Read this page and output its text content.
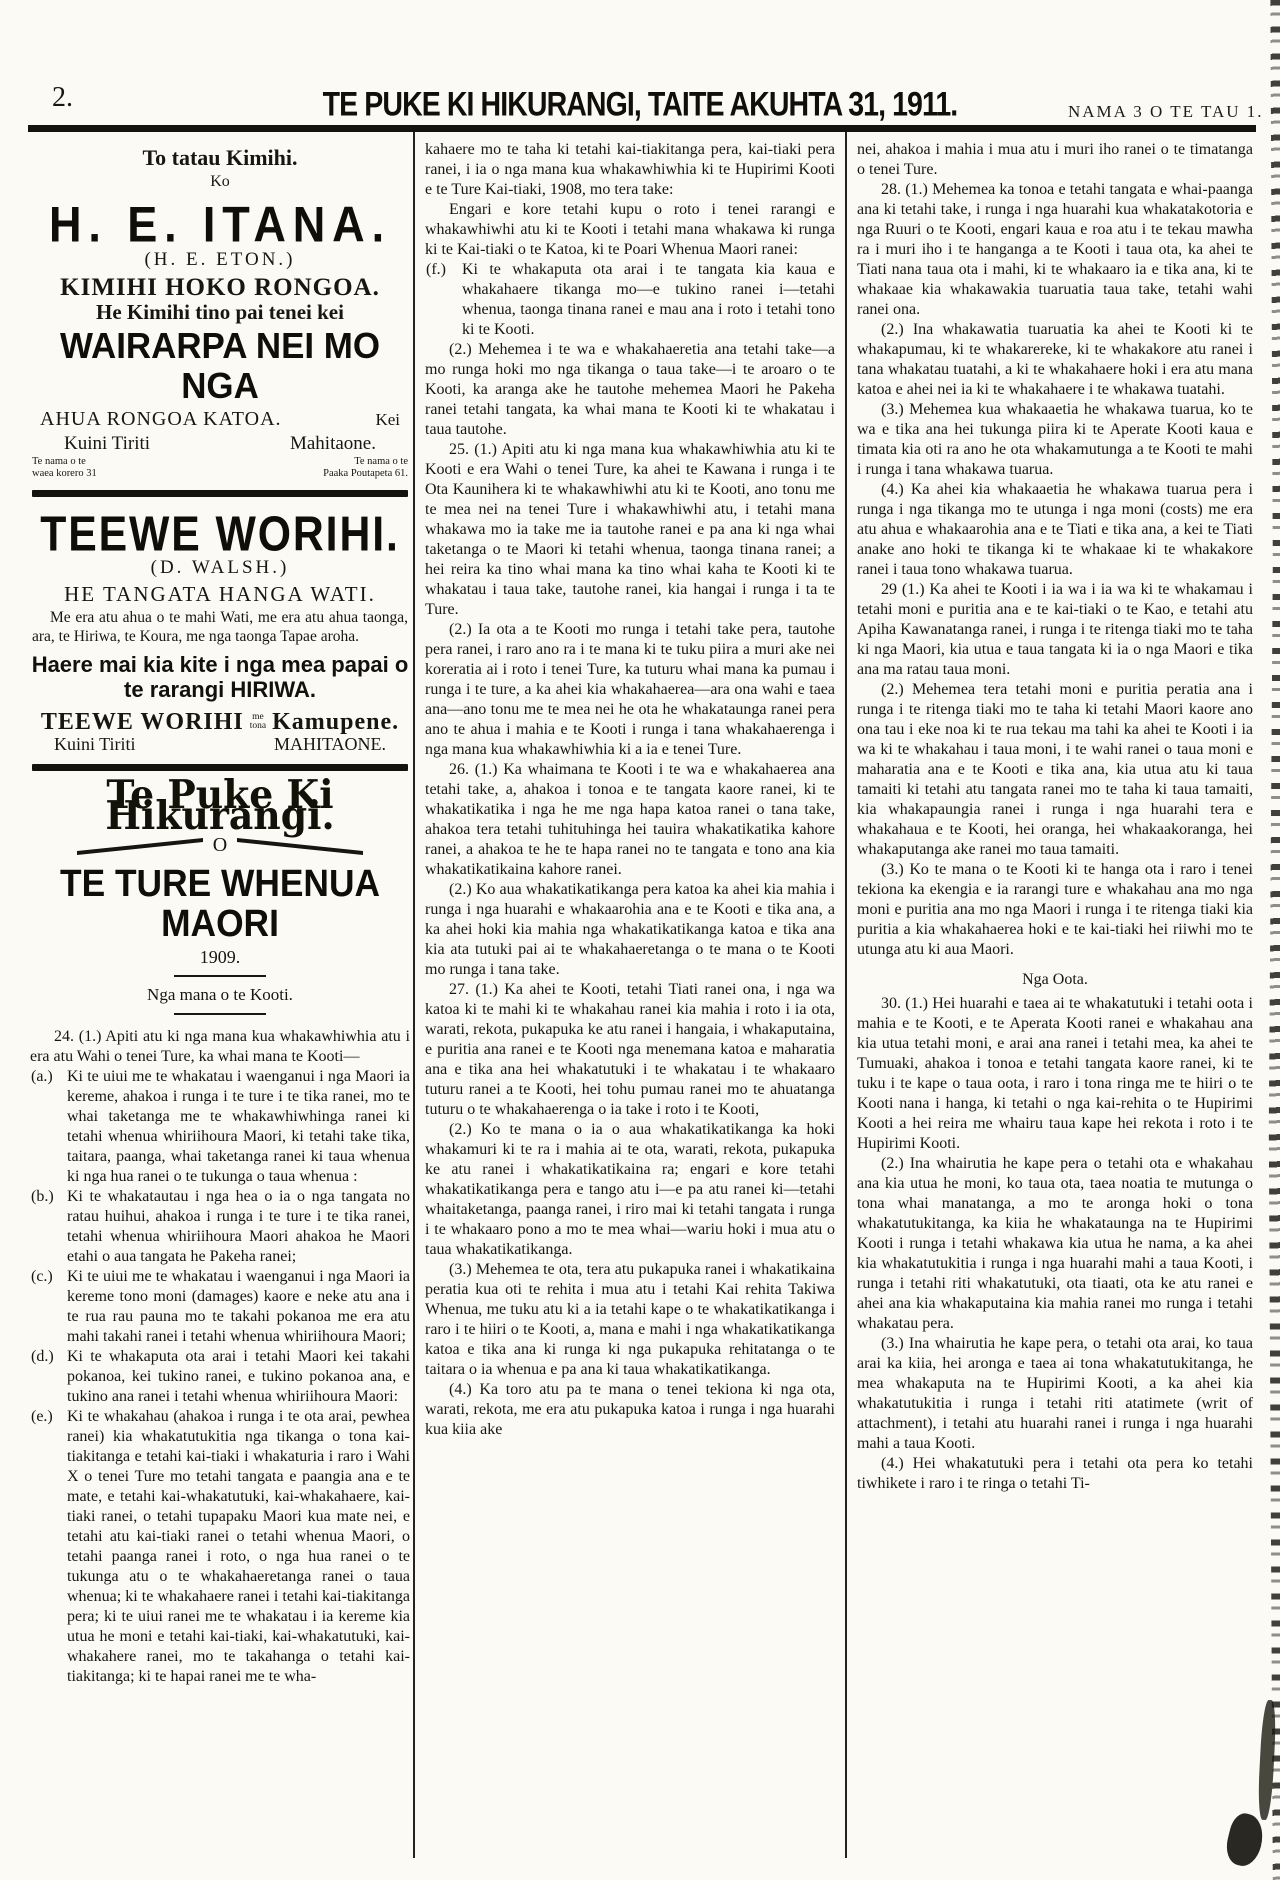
2.	TE PUKE KI HIKURANGI, TAITE AKUHTA 31, 1911.	NAMA 3 O TE TAU 1.
To tatau Kimihi.
Ko
H. E. ITANA.
(H. E. ETON.)
KIMIHI HOKO RONGOA.
He Kimihi tino pai tenei kei
WAIRARPA NEI MO NGA
AHUA RONGOA KATOA.	Kei
Kuini Tiriti	Mahitaone.
Te nama o te
waea korero 31
Te nama o te
Paaka Poutapeta 61.
TEEWE WORIHI.
(D. WALSH.)
HE TANGATA HANGA WATI.
Me era atu ahua o te mahi Wati, me era atu ahua taonga, ara, te Hiriwa, te Koura, me nga taonga Tapae aroha.
Haere mai kia kite i nga mea papai o te rarangi HIRIWA.
TEEWE WORIHI me
tona Kamupene.
Kuini Tiriti	MAHITAONE.
Te Puke Ki Hikurangi.
O
TE TURE WHENUA MAORI
1909.
Nga mana o te Kooti.

24. (1.) Apiti atu ki nga mana kua whakawhiwhia atu i era atu Wahi o tenei Ture, ka whai mana te Kooti—

(a.) Ki te uiui me te whakatau i waenganui i nga Maori ia kereme, ahakoa i runga i te ture i te tika ranei, mo te whai taketanga me te whakawhiwhinga ranei ki tetahi whenua whiriihoura Maori, ki tetahi take tika, taitara, paanga, whai taketanga ranei ki taua whenua ki nga hua ranei o te tukunga o taua whenua :
(b.) Ki te whakatautau i nga hea o ia o nga tangata no ratau huihui, ahakoa i runga i te ture i te tika ranei, tetahi whenua whiriihoura Maori ahakoa he Maori etahi o aua tangata he Pakeha ranei;
(c.) Ki te uiui me te whakatau i waenganui i nga Maori ia kereme tono moni (damages) kaore e neke atu ana i te rua rau pauna mo te takahi pokanoa me era atu mahi takahi ranei i tetahi whenua whiriihoura Maori;
(d.) Ki te whakaputa ota arai i tetahi Maori kei takahi pokanoa, kei tukino ranei, e tukino pokanoa ana, e tukino ana ranei i tetahi whenua whiriihoura Maori:
(e.) Ki te whakahau (ahakoa i runga i te ota arai, pewhea ranei) kia whakatutukitia nga tikanga o tona kai-tiakitanga e tetahi kai-tiaki i whakaturia i raro i Wahi X o tenei Ture mo tetahi tangata e paangia ana e te mate, e tetahi kai-whakatutuki, kai-whakahaere, kai-tiaki ranei, o tetahi tupapaku Maori kua mate nei, e tetahi atu kai-tiaki ranei o tetahi whenua Maori, o tetahi paanga ranei i roto, o nga hua ranei o te tukunga atu o te whakahaeretanga ranei o taua whenua; ki te whakahaere ranei i tetahi kai-tiakitanga pera; ki te uiui ranei me te whakatau i ia kereme kia utua he moni e tetahi kai-tiaki, kai-whakatutuki, kai-whakahere ranei, mo te takahanga o tetahi kai-tiakitanga; ki te hapai ranei me te wha-

kahaere mo te taha ki tetahi kai-tiakitanga pera, kai-tiaki pera ranei, i ia o nga mana kua whakawhiwhia ki te Hupirimi Kooti e te Ture Kai-tiaki, 1908, mo tera take:

Engari e kore tetahi kupu o roto i tenei rarangi e whakawhiwhi atu ki te Kooti i tetahi mana whakawa ki runga ki te Kai-tiaki o te Katoa, ki te Poari Whenua Maori ranei:

(f.) Ki te whakaputa ota arai i te tangata kia kaua e whakahaere tikanga mo—e tukino ranei i—tetahi whenua, taonga tinana ranei e mau ana i roto i tetahi tono ki te Kooti.

(2.) Mehemea i te wa e whakahaeretia ana tetahi take—a mo runga hoki mo nga tikanga o taua take—i te aroaro o te Kooti, ka aranga ake he tautohe mehemea Maori he Pakeha ranei tetahi tangata, ka whai mana te Kooti ki te whakatau i taua tautohe.

25. (1.) Apiti atu ki nga mana kua whakawhiwhia atu ki te Kooti e era Wahi o tenei Ture, ka ahei te Kawana i runga i te Ota Kaunihera ki te whakawhiwhi atu ki te Kooti, ano tonu me te mea nei na tenei Ture i whakawhiwhi atu, i tetahi mana whakawa mo ia take me ia tautohe ranei e pa ana ki nga whai taketanga o te Maori ki tetahi whenua, taonga tinana ranei; a hei reira ka tino whai mana ka tino whai kaha te Kooti ki te whakatau i taua take, tautohe ranei, kia hangai i runga i ta te Ture.

(2.) Ia ota a te Kooti mo runga i tetahi take pera, tautohe pera ranei, i raro ano ra i te mana ki te tuku piira a muri ake nei koreratia ai i roto i tenei Ture, ka tuturu whai mana ka pumau i runga i te ture, a ka ahei kia whakahaerea—ara ona wahi e taea ana—ano tonu me te mea nei he ota he whakataunga ranei pera ano te ahua i mahia e te Kooti i runga i tana whakahaerenga i nga mana kua whakawhiwhia ki a ia e tenei Ture.

26. (1.) Ka whaimana te Kooti i te wa e whakahaerea ana tetahi take, a, ahakoa i tonoa e te tangata kaore ranei, ki te whakatikatika i nga he me nga hapa katoa ranei o tana take, ahakoa tera tetahi tuhituhinga hei tauira whakatikatika kahore ranei, a ahakoa te he te hapa ranei no te tangata e tono ana kia whakatikatikaina kahore ranei.

(2.) Ko aua whakatikatikanga pera katoa ka ahei kia mahia i runga i nga huarahi e whakaarohia ana e te Kooti e tika ana, a ka ahei hoki kia mahia nga whakatikatikanga katoa e tika ana kia ata tutuki pai ai te whakahaeretanga o te mana o te Kooti mo runga i tana take.

27. (1.) Ka ahei te Kooti, tetahi Tiati ranei ona, i nga wa katoa ki te mahi ki te whakahau ranei kia mahia i roto i ia ota, warati, rekota, pukapuka ke atu ranei i hangaia, i whakaputaina, e puritia ana ranei e te Kooti nga menemana katoa e maharatia ana e tika ana hei whakatutuki i te whakatau i te whakaaro tuturu ranei a te Kooti, hei tohu pumau ranei mo te ahuatanga tuturu o te whakahaerenga o ia take i roto i te Kooti,

(2.) Ko te mana o ia o aua whakatikatikanga ka hoki whakamuri ki te ra i mahia ai te ota, warati, rekota, pukapuka ke atu ranei i whakatikatikaina ra; engari e kore tetahi whakatikatikanga pera e tango atu i—e pa atu ranei ki—tetahi whaitaketanga, paanga ranei, i riro mai ki tetahi tangata i runga i te whakaaro pono a mo te mea whai—wariu hoki i mua atu o taua whakatikatikanga.

(3.) Mehemea te ota, tera atu pukapuka ranei i whakatikaina peratia kua oti te rehita i mua atu i tetahi Kai rehita Takiwa Whenua, me tuku atu ki a ia tetahi kape o te whakatikatikanga i raro i te hiiri o te Kooti, a, mana e mahi i nga whakatikatikanga katoa e tika ana ki runga ki nga pukapuka rehitatanga o te taitara o ia whenua e pa ana ki taua whakatikatikanga.

(4.) Ka toro atu pa te mana o tenei tekiona ki nga ota, warati, rekota, me era atu pukapuka katoa i runga i nga huarahi kua kiia ake

nei, ahakoa i mahia i mua atu i muri iho ranei o te timatanga o tenei Ture.

28. (1.) Mehemea ka tonoa e tetahi tangata e whai-paanga ana ki tetahi take, i runga i nga huarahi kua whakatakotoria e nga Ruuri o te Kooti, engari kaua e roa atu i te tekau mawha ra i muri iho i te hanganga a te Kooti i taua ota, ka ahei te Tiati nana taua ota i mahi, ki te whakaaro ia e tika ana, ki te whakaae kia whakawakia tuaruatia taua take, tetahi wahi ranei ona.

(2.) Ina whakawatia tuaruatia ka ahei te Kooti ki te whakapumau, ki te whakarereke, ki te whakakore atu ranei i tana whakatau tuatahi, a ki te whakahaere hoki i era atu mana katoa e ahei nei ia ki te whakahaere i te whakawa tuatahi.

(3.) Mehemea kua whakaaetia he whakawa tuarua, ko te wa e tika ana hei tukunga piira ki te Aperate Kooti kaua e timata kia oti ra ano he ota whakamutunga a te Kooti te mahi i runga i tana whakawa tuarua.

(4.) Ka ahei kia whakaaetia he whakawa tuarua pera i runga i nga tikanga mo te utunga i nga moni (costs) me era atu ahua e whakaarohia ana e te Tiati e tika ana, a kei te Tiati anake ano hoki te tikanga ki te whakaae ki te whakakore ranei i taua tono whakawa tuarua.

29 (1.) Ka ahei te Kooti i ia wa i ia wa ki te whakamau i tetahi moni e puritia ana e te kai-tiaki o te Kao, e tetahi atu Apiha Kawanatanga ranei, i runga i te ritenga tiaki mo te taha ki nga Maori, kia utua e taua tangata ki ia o nga Maori e tika ana ma ratau taua moni.

(2.) Mehemea tera tetahi moni e puritia peratia ana i runga i te ritenga tiaki mo te taha ki tetahi Maori kaore ano ona tau i eke noa ki te rua tekau ma tahi ka ahei te Kooti i ia wa ki te whakahau i taua moni, i te wahi ranei o taua moni e maharatia ana e te Kooti e tika ana, kia utua atu ki taua tamaiti ki tetahi atu tangata ranei mo te taha ki taua tamaiti, kia whakapaungia ranei i runga i nga huarahi tera e whakahaua e te Kooti, hei oranga, hei whakaakoranga, hei whakaputanga ake ranei mo taua tamaiti.

(3.) Ko te mana o te Kooti ki te hanga ota i raro i tenei tekiona ka ekengia e ia rarangi ture e whakahau ana mo nga moni e puritia ana mo nga Maori i runga i te ritenga tiaki kia puritia a kia whakahaerea hoki e te kai-tiaki hei riiwhi mo te utunga atu ki aua Maori.

Nga Oota.

30. (1.) Hei huarahi e taea ai te whakatutuki i tetahi oota i mahia e te Kooti, e te Aperata Kooti ranei e whakahau ana kia utua tetahi moni, e arai ana ranei i tetahi mea, ka ahei te Tumuaki, ahakoa i tonoa e tetahi tangata kaore ranei, ki te tuku i te kape o taua oota, i raro i tona ringa me te hiiri o te Kooti nana i hanga, ki tetahi o nga kai-rehita o te Hupirimi Kooti a hei reira me whairu taua kape hei rekota i roto i te Hupirimi Kooti.

(2.) Ina whairutia he kape pera o tetahi ota e whakahau ana kia utua he moni, ko taua ota, taea noatia te mutunga o tona whai manatanga, a mo te aronga hoki o tona whakatutukitanga, ka kiia he whakataunga na te Hupirimi Kooti i runga i tetahi whakawa kia utua he nama, a ka ahei kia whakatutukitia i runga i nga huarahi mahi a taua Kooti, i runga i tetahi riti whakatutuki, ota tiaati, ota ke atu ranei e ahei ana kia whakaputaina kia mahia ranei mo runga i tetahi whakatau pera.

(3.) Ina whairutia he kape pera, o tetahi ota arai, ko taua arai ka kiia, hei aronga e taea ai tona whakatutukitanga, he mea whakaputa na te Hupirimi Kooti, a ka ahei kia whakatutukitia i runga i tetahi riti atatimete (writ of attachment), i tetahi atu huarahi ranei i runga i nga huarahi mahi a taua Kooti.

(4.) Hei whakatutuki pera i tetahi ota pera ko tetahi tiwhikete i raro i te ringa o tetahi Ti-
